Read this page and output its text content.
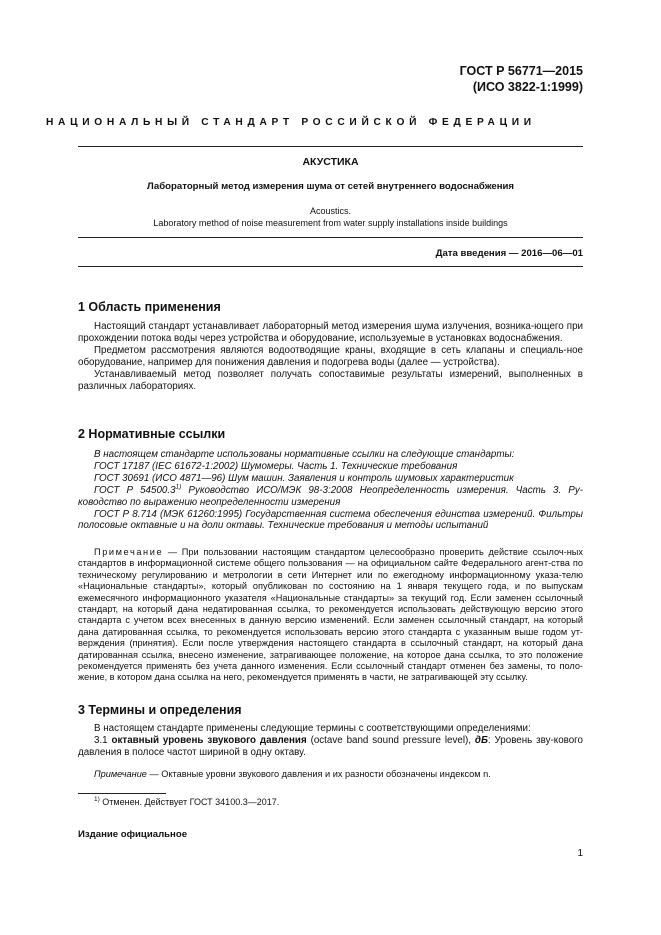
ГОСТ Р 56771—2015
(ИСО 3822-1:1999)
НАЦИОНАЛЬНЫЙ СТАНДАРТ РОССИЙСКОЙ ФЕДЕРАЦИИ
АКУСТИКА
Лабораторный метод измерения шума от сетей внутреннего водоснабжения
Acoustics.
Laboratory method of noise measurement from water supply installations inside buildings
Дата введения — 2016—06—01
1 Область применения

Настоящий стандарт устанавливает лабораторный метод измерения шума излучения, возника-ющего при прохождении потока воды через устройства и оборудование, используемые в установках водоснабжения.

Предметом рассмотрения являются водоотводящие краны, входящие в сеть клапаны и специаль-ное оборудование, например для понижения давления и подогрева воды (далее — устройства).

Устанавливаемый метод позволяет получать сопоставимые результаты измерений, выполненных в различных лабораториях.

2 Нормативные ссылки

В настоящем стандарте использованы нормативные ссылки на следующие стандарты:

ГОСТ 17187 (IEC 61672-1:2002) Шумомеры. Часть 1. Технические требования

ГОСТ 30691 (ИСО 4871—96) Шум машин. Заявления и контроль шумовых характеристик

ГОСТ Р 54500.3$^{1)}$ Руководство ИСО/МЭК 98-3:2008 Неопределенность измерения. Часть 3. Ру-ководство по выражению неопределенности измерения

ГОСТ Р 8.714 (МЭК 61260:1995) Государственная система обеспечения единства измерений. Фильтры полосовые октавные и на доли октавы. Технические требования и методы испытаний

Примечание — При пользовании настоящим стандартом целесообразно проверить действие ссылоч-ных стандартов в информационной системе общего пользования — на официальном сайте Федерального агент-ства по техническому регулированию и метрологии в сети Интернет или по ежегодному информационному указа-телю «Национальные стандарты», который опубликован по состоянию на 1 января текущего года, и по выпускам ежемесячного информационного указателя «Национальные стандарты» за текущий год. Если заменен ссылочный стандарт, на который дана недатированная ссылка, то рекомендуется использовать действующую версию этого стандарта с учетом всех внесенных в данную версию изменений. Если заменен ссылочный стандарт, на который дана датированная ссылка, то рекомендуется использовать версию этого стандарта с указанным выше годом ут-верждения (принятия). Если после утверждения настоящего стандарта в ссылочный стандарт, на который дана датированная ссылка, внесено изменение, затрагивающее положение, на которое дана ссылка, то это положение рекомендуется применять без учета данного изменения. Если ссылочный стандарт отменен без замены, то поло-жение, в котором дана ссылка на него, рекомендуется применять в части, не затрагивающей эту ссылку.

3 Термины и определения

В настоящем стандарте применены следующие термины с соответствующими определениями:

3.1 октавный уровень звукового давления (octave band sound pressure level), дБ: Уровень зву-кового давления в полосе частот шириной в одну октаву.

Примечание — Октавные уровни звукового давления и их разности обозначены индексом n.

$^{1)}$ Отменен. Действует ГОСТ 34100.3—2017.
Издание официальное
1
